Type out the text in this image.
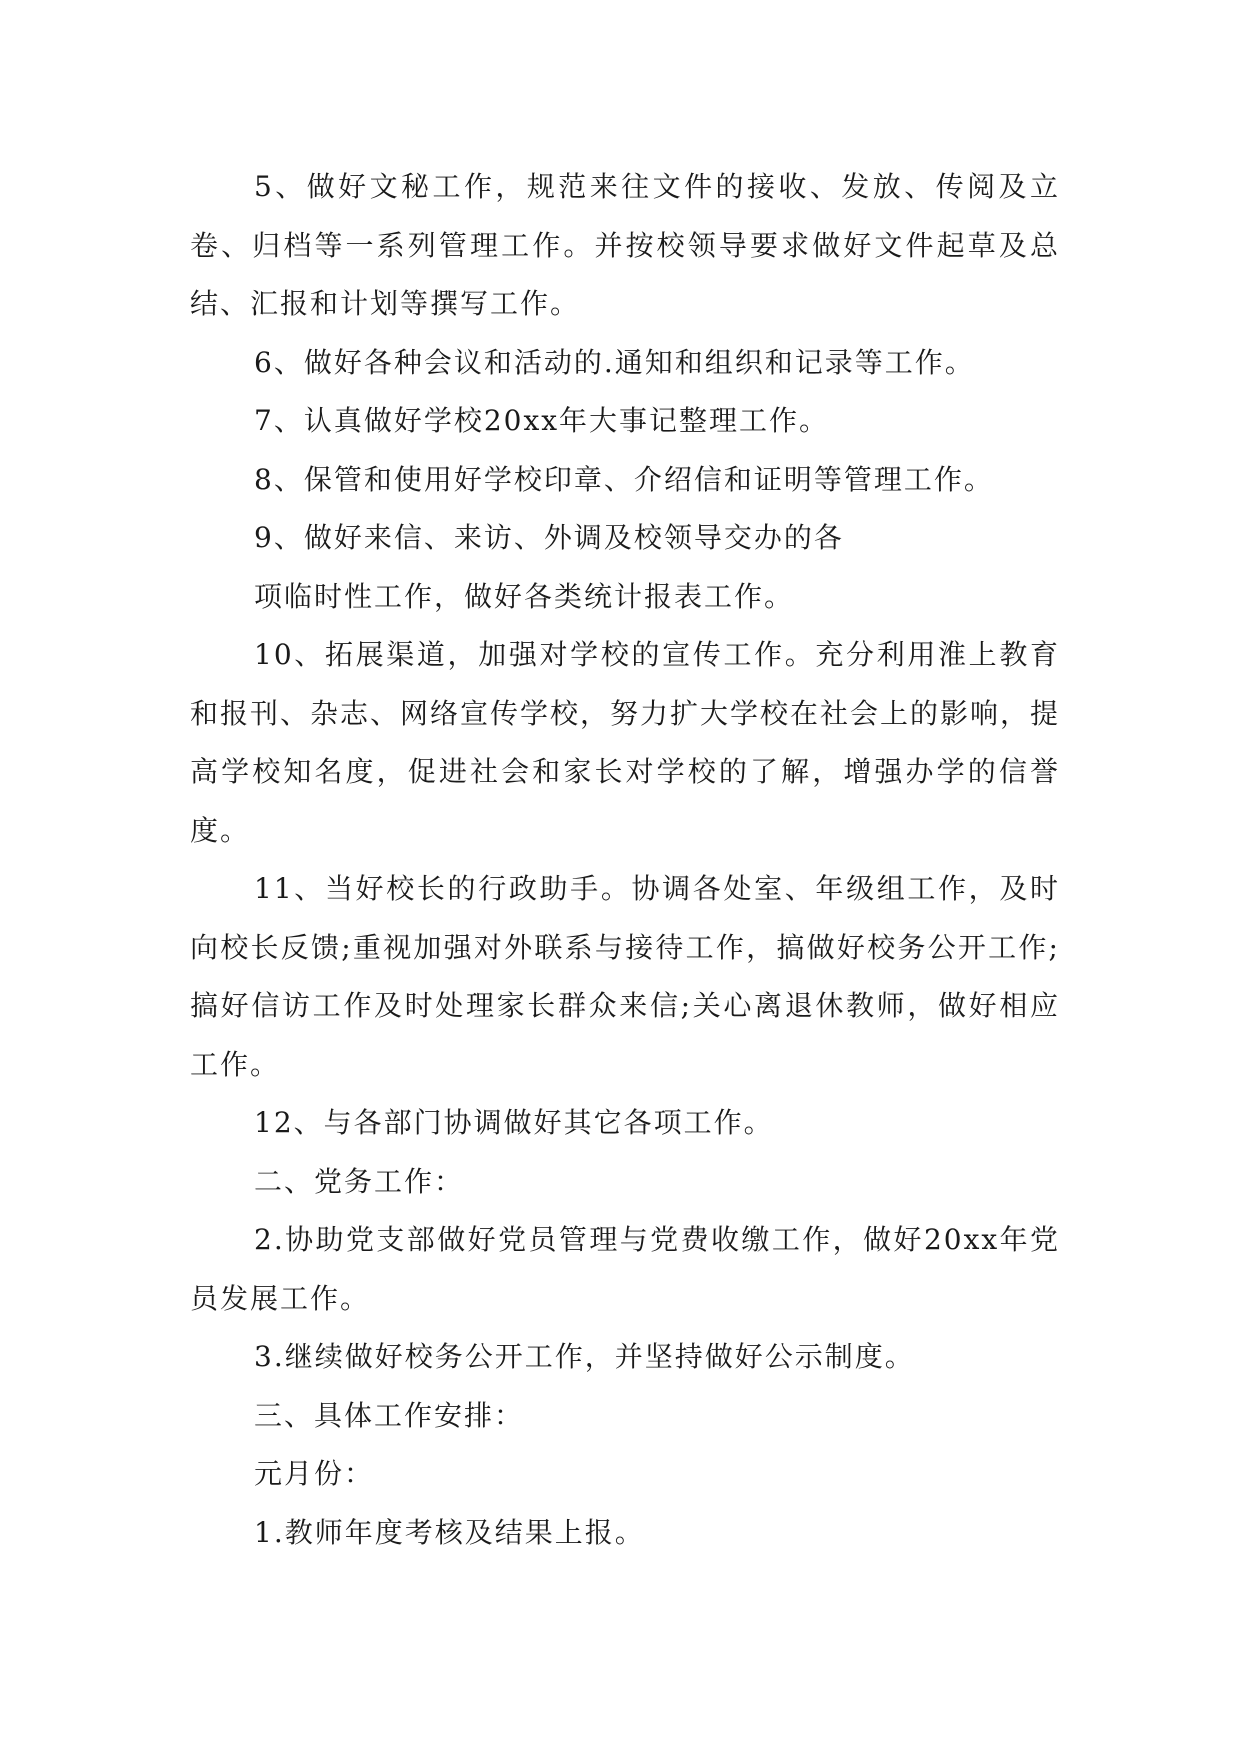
5、做好文秘工作，规范来往文件的接收、发放、传阅及立卷、归档等一系列管理工作。并按校领导要求做好文件起草及总结、汇报和计划等撰写工作。

6、做好各种会议和活动的.通知和组织和记录等工作。

7、认真做好学校20xx年大事记整理工作。

8、保管和使用好学校印章、介绍信和证明等管理工作。

9、做好来信、来访、外调及校领导交办的各

项临时性工作，做好各类统计报表工作。

10、拓展渠道，加强对学校的宣传工作。充分利用淮上教育和报刊、杂志、网络宣传学校，努力扩大学校在社会上的影响，提高学校知名度，促进社会和家长对学校的了解，增强办学的信誉度。

11、当好校长的行政助手。协调各处室、年级组工作，及时向校长反馈;重视加强对外联系与接待工作，搞做好校务公开工作;搞好信访工作及时处理家长群众来信;关心离退休教师，做好相应工作。

12、与各部门协调做好其它各项工作。

二、党务工作：

2.协助党支部做好党员管理与党费收缴工作，做好20xx年党员发展工作。

3.继续做好校务公开工作，并坚持做好公示制度。

三、具体工作安排：

元月份：

1.教师年度考核及结果上报。
